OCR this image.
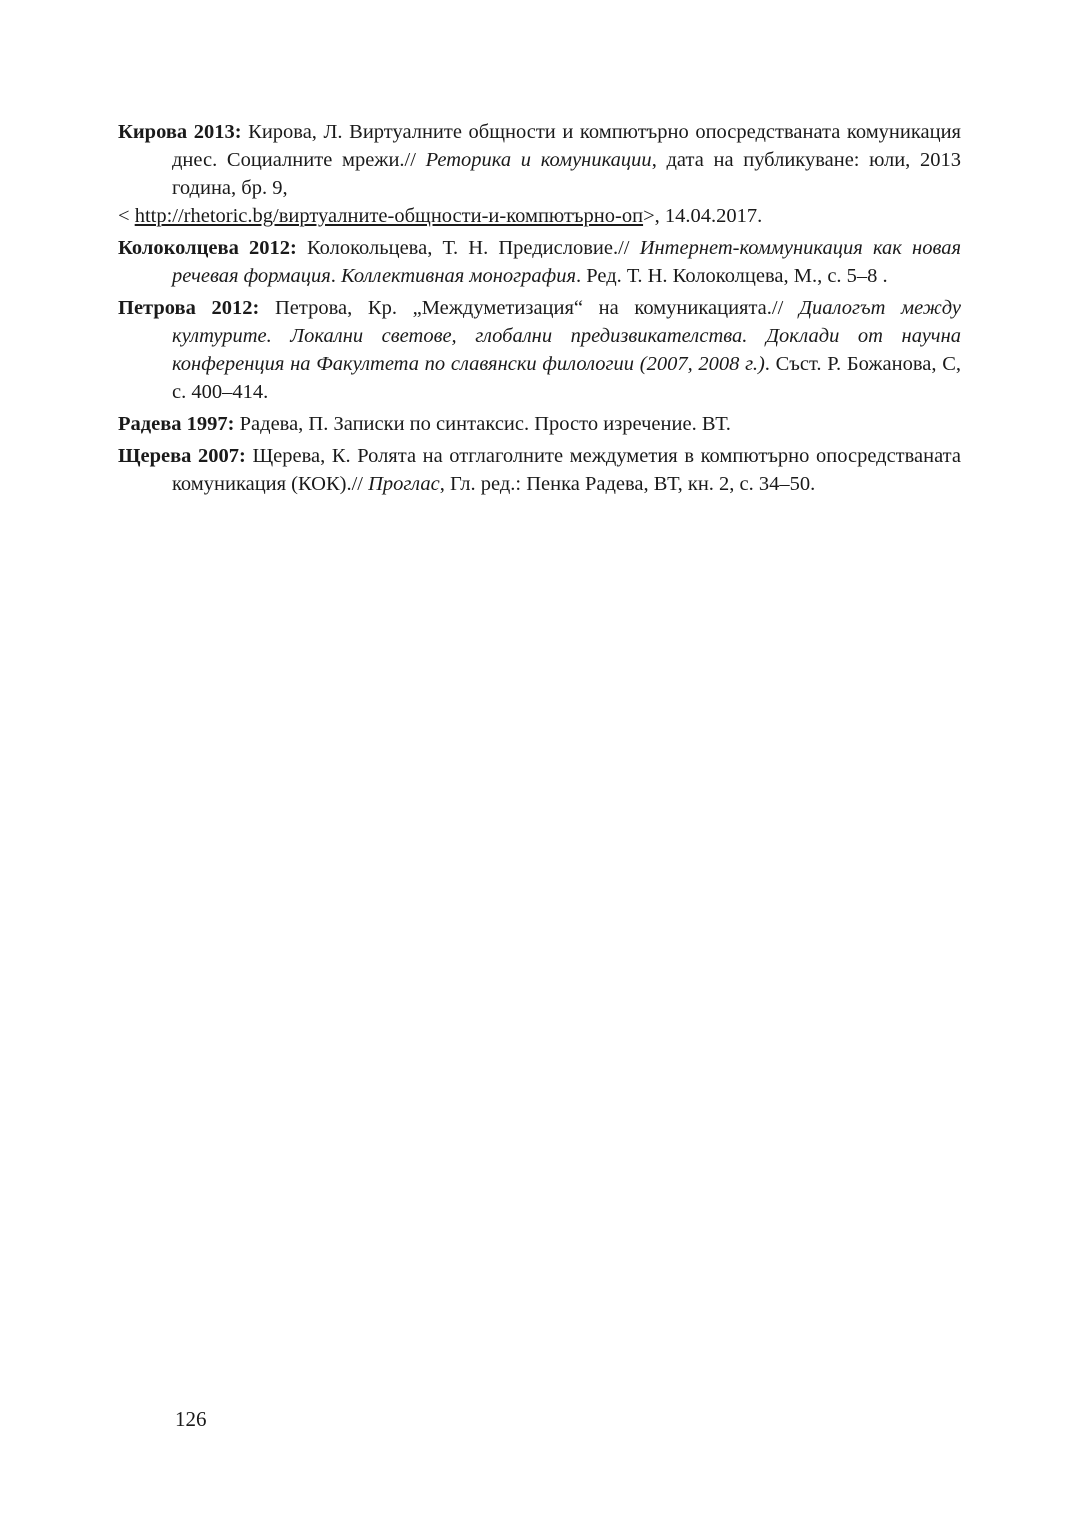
Кирова 2013: Кирова, Л. Виртуалните общности и компютърно опосредстваната комуникация днес. Социалните мрежи.// Реторика и комуникации, дата на публикуване: юли, 2013 година, бр. 9,
< http://rhetoric.bg/виртуалните-общности-и-компютърно-оп>, 14.04.2017.

Колоколцева 2012: Колокольцева, Т. Н. Предисловие.// Интернет-коммуникация как новая речевая формация. Коллективная монография. Ред. Т. Н. Колоколцева, М., с. 5–8 .

Петрова 2012: Петрова, Кр. „Междуметизация“ на комуникацията.// Диалогът между културите. Локални светове, глобални предизвикателства. Доклади от научна конференция на Факултета по славянски филологии (2007, 2008 г.). Съст. Р. Божанова, С, с. 400–414.

Радева 1997: Радева, П. Записки по синтаксис. Просто изречение. ВТ.

Щерева 2007: Щерева, К. Ролята на отглаголните междуметия в компютърно опосредстваната комуникация (КОК).// Проглас, Гл. ред.: Пенка Радева, ВТ, кн. 2, с. 34–50.

126
